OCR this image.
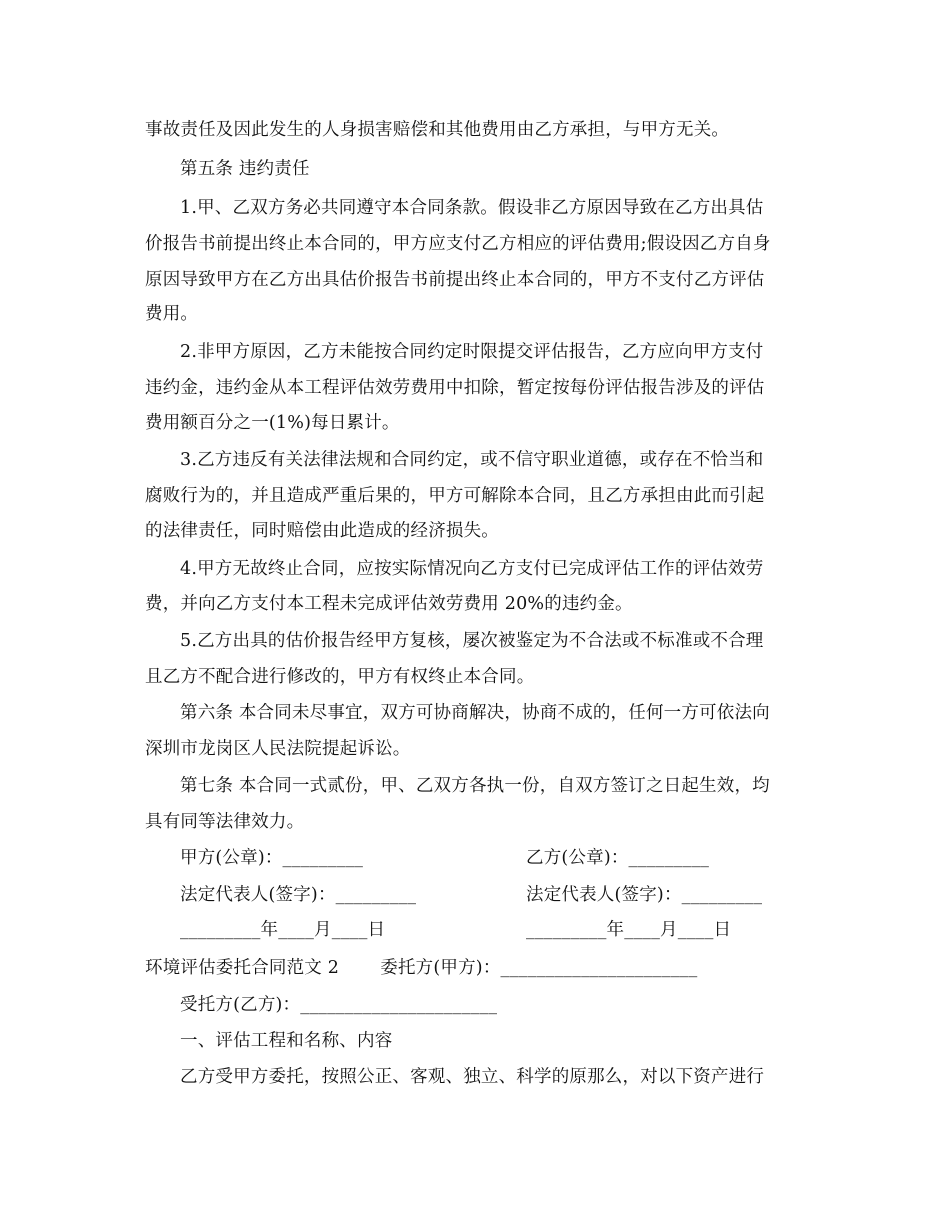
事故责任及因此发生的人身损害赔偿和其他费用由乙方承担，与甲方无关。
第五条 违约责任
1.甲、乙双方务必共同遵守本合同条款。假设非乙方原因导致在乙方出具估
价报告书前提出终止本合同的，甲方应支付乙方相应的评估费用;假设因乙方自身
原因导致甲方在乙方出具估价报告书前提出终止本合同的，甲方不支付乙方评估
费用。
2.非甲方原因，乙方未能按合同约定时限提交评估报告，乙方应向甲方支付
违约金，违约金从本工程评估效劳费用中扣除，暂定按每份评估报告涉及的评估
费用额百分之一(1%)每日累计。
3.乙方违反有关法律法规和合同约定，或不信守职业道德，或存在不恰当和
腐败行为的，并且造成严重后果的，甲方可解除本合同，且乙方承担由此而引起
的法律责任，同时赔偿由此造成的经济损失。
4.甲方无故终止合同，应按实际情况向乙方支付已完成评估工作的评估效劳
费，并向乙方支付本工程未完成评估效劳费用 20%的违约金。
5.乙方出具的估价报告经甲方复核，屡次被鉴定为不合法或不标准或不合理
且乙方不配合进行修改的，甲方有权终止本合同。
第六条 本合同未尽事宜，双方可协商解决，协商不成的，任何一方可依法向
深圳市龙岗区人民法院提起诉讼。
第七条 本合同一式贰份，甲、乙双方各执一份，自双方签订之日起生效，均
具有同等法律效力。
甲方(公章)：_________	乙方(公章)：_________
法定代表人(签字)：_________	法定代表人(签字)：_________
_________年____月____日	_________年____月____日
环境评估委托合同范文 2　　 委托方(甲方)：______________________
受托方(乙方)：______________________
一、评估工程和名称、内容
乙方受甲方委托，按照公正、客观、独立、科学的原那么，对以下资产进行
